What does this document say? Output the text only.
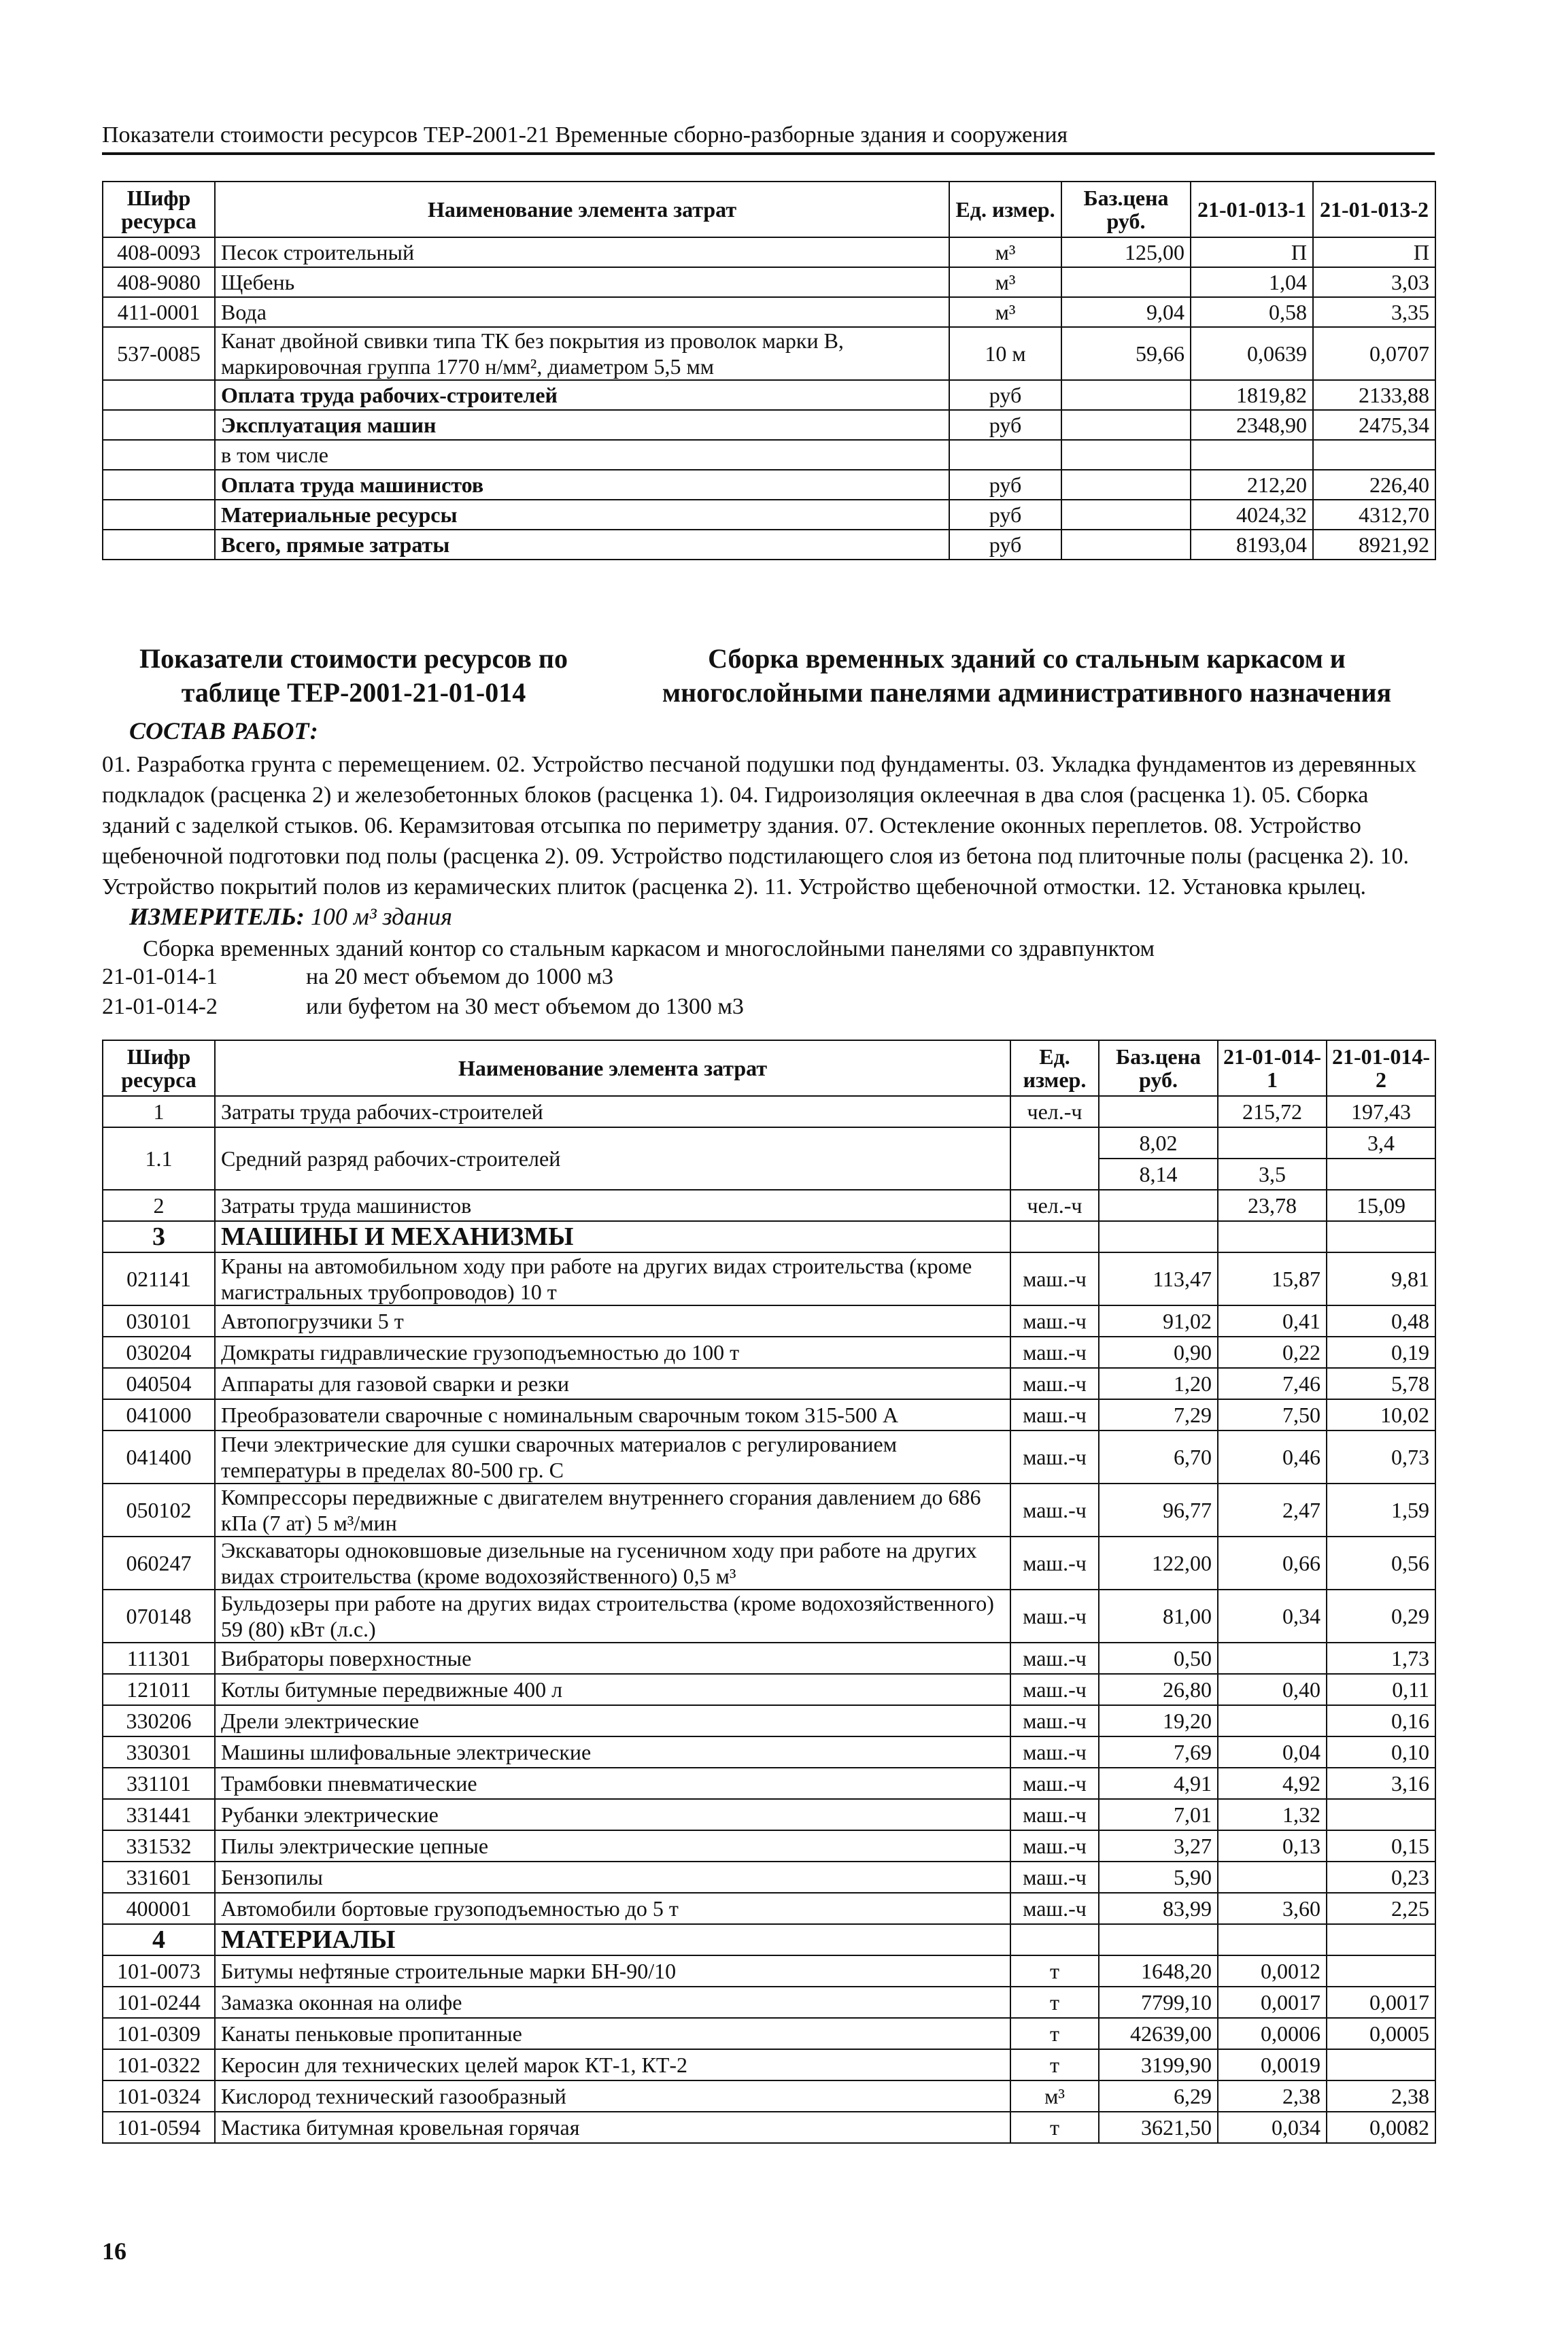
Показатели стоимости ресурсов ТЕР-2001-21 Временные сборно-разборные здания и сооружения
Шифр ресурса	Наименование элемента затрат	Ед. измер.	Баз.цена руб.	21-01-013-1	21-01-013-2
408-0093	Песок строительный	м³	125,00	П	П
408-9080	Щебень	м³		1,04	3,03
411-0001	Вода	м³	9,04	0,58	3,35
537-0085	Канат двойной свивки типа ТК без покрытия из проволок марки В, маркировочная группа 1770 н/мм², диаметром 5,5 мм	10 м	59,66	0,0639	0,0707
	Оплата труда рабочих-строителей	руб		1819,82	2133,88
	Эксплуатация машин	руб		2348,90	2475,34
	в том числе				
	Оплата труда машинистов	руб		212,20	226,40
	Материальные ресурсы	руб		4024,32	4312,70
	Всего, прямые затраты	руб		8193,04	8921,92
Показатели стоимости ресурсов по таблице ТЕР-2001-21-01-014
Сборка временных зданий со стальным каркасом и многослойными панелями административного назначения
СОСТАВ РАБОТ:
01. Разработка грунта с перемещением. 02. Устройство песчаной подушки под фундаменты. 03. Укладка фундаментов из деревянных подкладок (расценка 2) и железобетонных блоков (расценка 1). 04. Гидроизоляция оклеечная в два слоя (расценка 1). 05. Сборка зданий с заделкой стыков. 06. Керамзитовая отсыпка по периметру здания. 07. Остекление оконных переплетов. 08. Устройство щебеночной подготовки под полы (расценка 2). 09. Устройство подстилающего слоя из бетона под плиточные полы (расценка 2). 10. Устройство покрытий полов из керамических плиток (расценка 2). 11. Устройство щебеночной отмостки. 12. Установка крылец.
ИЗМЕРИТЕЛЬ: 100 м³ здания
Сборка временных зданий контор со стальным каркасом и многослойными панелями со здравпунктом
21-01-014-1	на 20 мест объемом до 1000 м3
21-01-014-2	или буфетом на 30 мест объемом до 1300 м3
Шифр ресурса	Наименование элемента затрат	Ед. измер.	Баз.цена руб.	21-01-014-1	21-01-014-2
1	Затраты труда рабочих-строителей	чел.-ч		215,72	197,43
1.1	Средний разряд рабочих-строителей		8,02		3,4
			8,14	3,5	
2	Затраты труда машинистов	чел.-ч		23,78	15,09
3	МАШИНЫ И МЕХАНИЗМЫ				
021141	Краны на автомобильном ходу при работе на других видах строительства (кроме магистральных трубопроводов) 10 т	маш.-ч	113,47	15,87	9,81
030101	Автопогрузчики 5 т	маш.-ч	91,02	0,41	0,48
030204	Домкраты гидравлические грузоподъемностью до 100 т	маш.-ч	0,90	0,22	0,19
040504	Аппараты для газовой сварки и резки	маш.-ч	1,20	7,46	5,78
041000	Преобразователи сварочные с номинальным сварочным током 315-500 А	маш.-ч	7,29	7,50	10,02
041400	Печи электрические для сушки сварочных материалов с регулированием температуры в пределах 80-500 гр. С	маш.-ч	6,70	0,46	0,73
050102	Компрессоры передвижные с двигателем внутреннего сгорания давлением до 686 кПа (7 ат) 5 м³/мин	маш.-ч	96,77	2,47	1,59
060247	Экскаваторы одноковшовые дизельные на гусеничном ходу при работе на других видах строительства (кроме водохозяйственного) 0,5 м³	маш.-ч	122,00	0,66	0,56
070148	Бульдозеры при работе на других видах строительства (кроме водохозяйственного) 59 (80) кВт (л.с.)	маш.-ч	81,00	0,34	0,29
111301	Вибраторы поверхностные	маш.-ч	0,50		1,73
121011	Котлы битумные передвижные 400 л	маш.-ч	26,80	0,40	0,11
330206	Дрели электрические	маш.-ч	19,20		0,16
330301	Машины шлифовальные электрические	маш.-ч	7,69	0,04	0,10
331101	Трамбовки пневматические	маш.-ч	4,91	4,92	3,16
331441	Рубанки электрические	маш.-ч	7,01	1,32	
331532	Пилы электрические цепные	маш.-ч	3,27	0,13	0,15
331601	Бензопилы	маш.-ч	5,90		0,23
400001	Автомобили бортовые грузоподъемностью до 5 т	маш.-ч	83,99	3,60	2,25
4	МАТЕРИАЛЫ				
101-0073	Битумы нефтяные строительные марки БН-90/10	т	1648,20	0,0012	
101-0244	Замазка оконная на олифе	т	7799,10	0,0017	0,0017
101-0309	Канаты пеньковые пропитанные	т	42639,00	0,0006	0,0005
101-0322	Керосин для технических целей марок КТ-1, КТ-2	т	3199,90	0,0019	
101-0324	Кислород технический газообразный	м³	6,29	2,38	2,38
101-0594	Мастика битумная кровельная горячая	т	3621,50	0,034	0,0082
16
